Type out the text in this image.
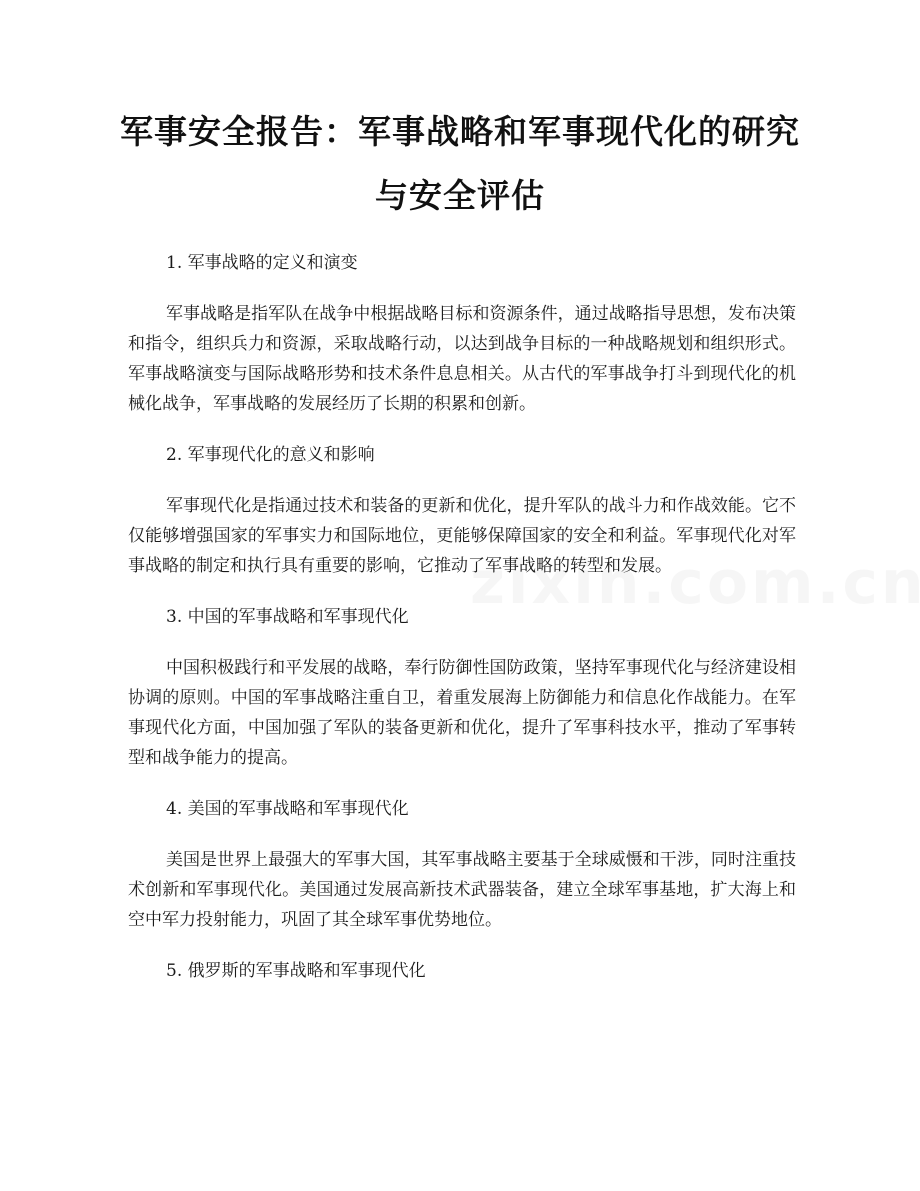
军事安全报告：军事战略和军事现代化的研究与安全评估
1. 军事战略的定义和演变

军事战略是指军队在战争中根据战略目标和资源条件，通过战略指导思想，发布决策和指令，组织兵力和资源，采取战略行动，以达到战争目标的一种战略规划和组织形式。军事战略演变与国际战略形势和技术条件息息相关。从古代的军事战争打斗到现代化的机械化战争，军事战略的发展经历了长期的积累和创新。

2. 军事现代化的意义和影响

军事现代化是指通过技术和装备的更新和优化，提升军队的战斗力和作战效能。它不仅能够增强国家的军事实力和国际地位，更能够保障国家的安全和利益。军事现代化对军事战略的制定和执行具有重要的影响，它推动了军事战略的转型和发展。

3. 中国的军事战略和军事现代化

中国积极践行和平发展的战略，奉行防御性国防政策，坚持军事现代化与经济建设相协调的原则。中国的军事战略注重自卫，着重发展海上防御能力和信息化作战能力。在军事现代化方面，中国加强了军队的装备更新和优化，提升了军事科技水平，推动了军事转型和战争能力的提高。

4. 美国的军事战略和军事现代化

美国是世界上最强大的军事大国，其军事战略主要基于全球威慑和干涉，同时注重技术创新和军事现代化。美国通过发展高新技术武器装备，建立全球军事基地，扩大海上和空中军力投射能力，巩固了其全球军事优势地位。

5. 俄罗斯的军事战略和军事现代化
